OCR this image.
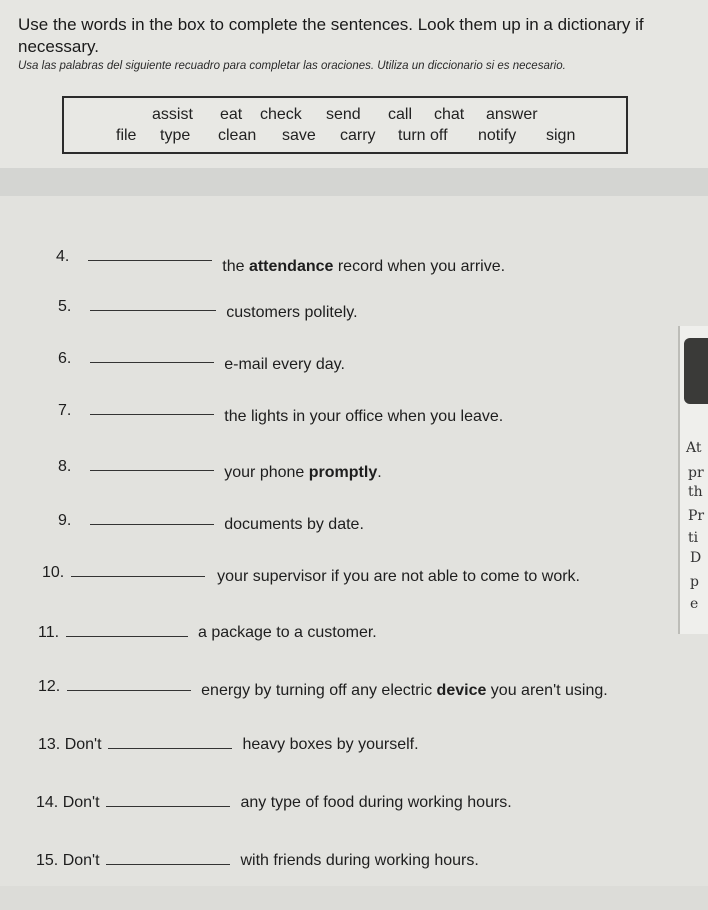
Use the words in the box to complete the sentences. Look them up in a dictionary if necessary.
Usa las palabras del siguiente recuadro para completar las oraciones. Utiliza un diccionario si es necesario.
assist eat check send call chat answer
file type clean save carry turn off notify sign
4.  the attendance record when you arrive.
5.	customers politely.
6.	e-mail every day.
7.	the lights in your office when you leave.
8.	your phone promptly.
9.	documents by date.
10.	your supervisor if you are not able to come to work.
11.	a package to a customer.
12.	energy by turning off any electric device you aren't using.
13. Don't	heavy boxes by yourself.
14. Don't	any type of food during working hours.
15. Don't	with friends during working hours.
At
pr
th
Pr
ti
D
p
e
